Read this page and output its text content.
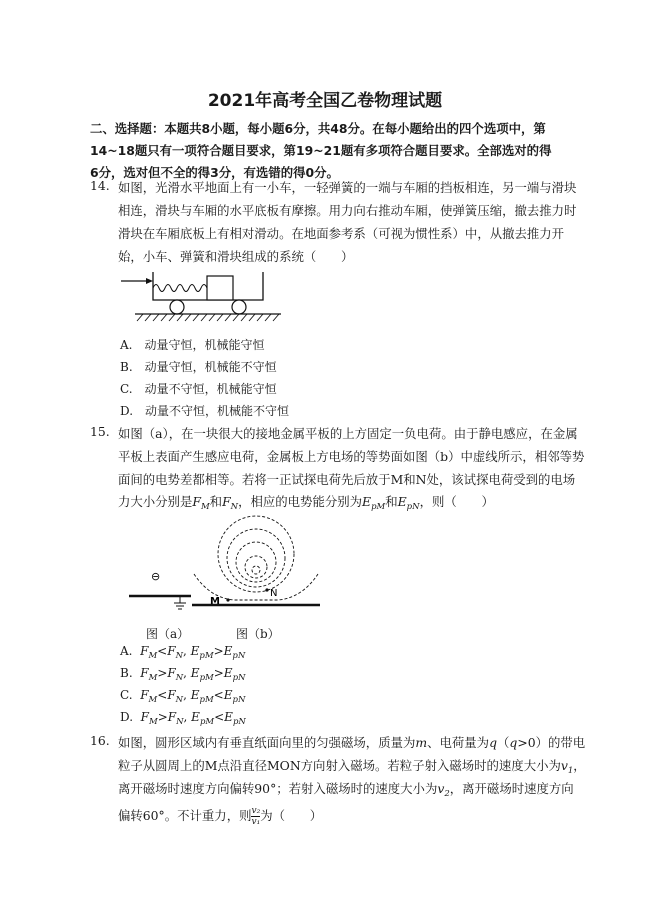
2021年高考全国乙卷物理试题
二、选择题：本题共8小题，每小题6分，共48分。在每小题给出的四个选项中，第14~18题只有一项符合题目要求，第19~21题有多项符合题目要求。全部选对的得6分，选对但不全的得3分，有选错的得0分。
14. 如图，光滑水平地面上有一小车，一轻弹簧的一端与车厢的挡板相连，另一端与滑块
相连，滑块与车厢的水平底板有摩擦。用力向右推动车厢，使弹簧压缩，撤去推力时
滑块在车厢底板上有相对滑动。在地面参考系（可视为惯性系）中，从撤去推力开
始，小车、弹簧和滑块组成的系统（　　）
A.　动量守恒，机械能守恒
B.　动量守恒，机械能不守恒
C.　动量不守恒，机械能守恒
D.　动量不守恒，机械能不守恒
15. 如图（a），在一块很大的接地金属平板的上方固定一负电荷。由于静电感应，在金属
平板上表面产生感应电荷，金属板上方电场的等势面如图（b）中虚线所示，相邻等势
面间的电势差都相等。若将一正试探电荷先后放于M和N处，该试探电荷受到的电场
力大小分别是$F_M$和$F_N$，相应的电势能分别为$E_{pM}$和$E_{pN}$，则（　　）
⊖
M
N
图（a）	图（b）
A. $F_M<F_N$, $E_{pM}>E_{pN}$
B. $F_M>F_N$, $E_{pM}>E_{pN}$
C. $F_M<F_N$, $E_{pM}<E_{pN}$
D. $F_M>F_N$, $E_{pM}<E_{pN}$
16. 如图，圆形区域内有垂直纸面向里的匀强磁场，质量为m、电荷量为q（q>0）的带电
粒子从圆周上的M点沿直径MON方向射入磁场。若粒子射入磁场时的速度大小为$v_1$，
离开磁场时速度方向偏转90°；若射入磁场时的速度大小为$v_2$，离开磁场时速度方向
偏转60°。不计重力，则 $\frac{\text{v₂}}{\text{v₁}}$ 为（　　）
